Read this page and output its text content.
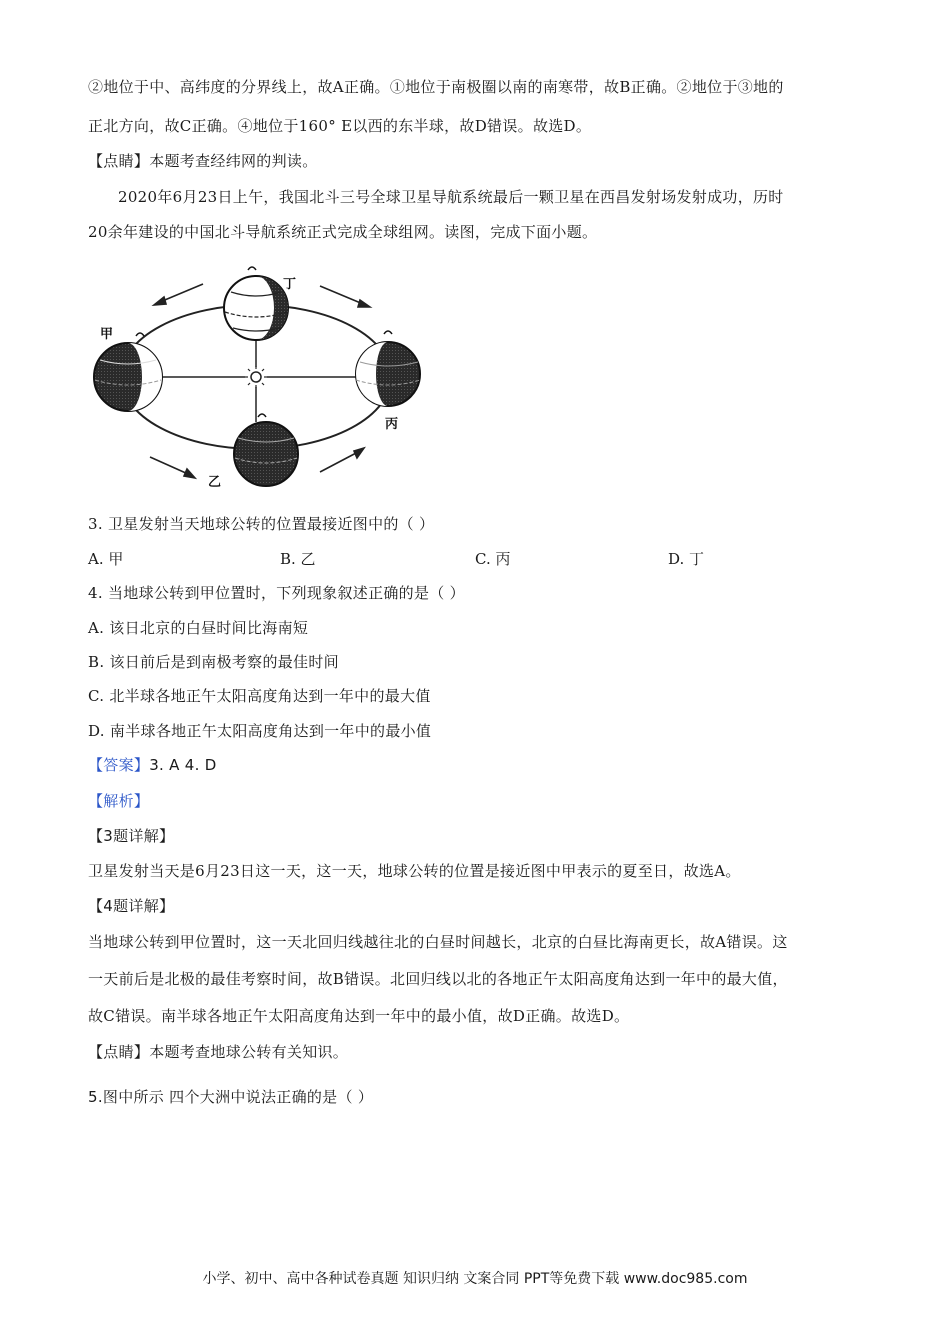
②地位于中、高纬度的分界线上，故A正确。①地位于南极圈以南的南寒带，故B正确。②地位于③地的
正北方向，故C正确。④地位于160° E以西的东半球，故D错误。故选D。
【点睛】本题考查经纬网的判读。
2020年6月23日上午，我国北斗三号全球卫星导航系统最后一颗卫星在西昌发射场发射成功，历时
20余年建设的中国北斗导航系统正式完成全球组网。读图，完成下面小题。
丁
甲
丙
乙
3. 卫星发射当天地球公转的位置最接近图中的（ ）
A. 甲	B. 乙	C. 丙	D. 丁
4. 当地球公转到甲位置时，下列现象叙述正确的是（ ）
A. 该日北京的白昼时间比海南短
B. 该日前后是到南极考察的最佳时间
C. 北半球各地正午太阳高度角达到一年中的最大值
D. 南半球各地正午太阳高度角达到一年中的最小值
【答案】3. A 4. D
【解析】
【3题详解】
卫星发射当天是6月23日这一天，这一天，地球公转的位置是接近图中甲表示的夏至日，故选A。
【4题详解】
当地球公转到甲位置时，这一天北回归线越往北的白昼时间越长，北京的白昼比海南更长，故A错误。这
一天前后是北极的最佳考察时间，故B错误。北回归线以北的各地正午太阳高度角达到一年中的最大值，
故C错误。南半球各地正午太阳高度角达到一年中的最小值，故D正确。故选D。
【点睛】本题考查地球公转有关知识。
5.图中所示 四个大洲中说法正确的是（ ）
小学、初中、高中各种试卷真题 知识归纳 文案合同 PPT等免费下载 www.doc985.com
